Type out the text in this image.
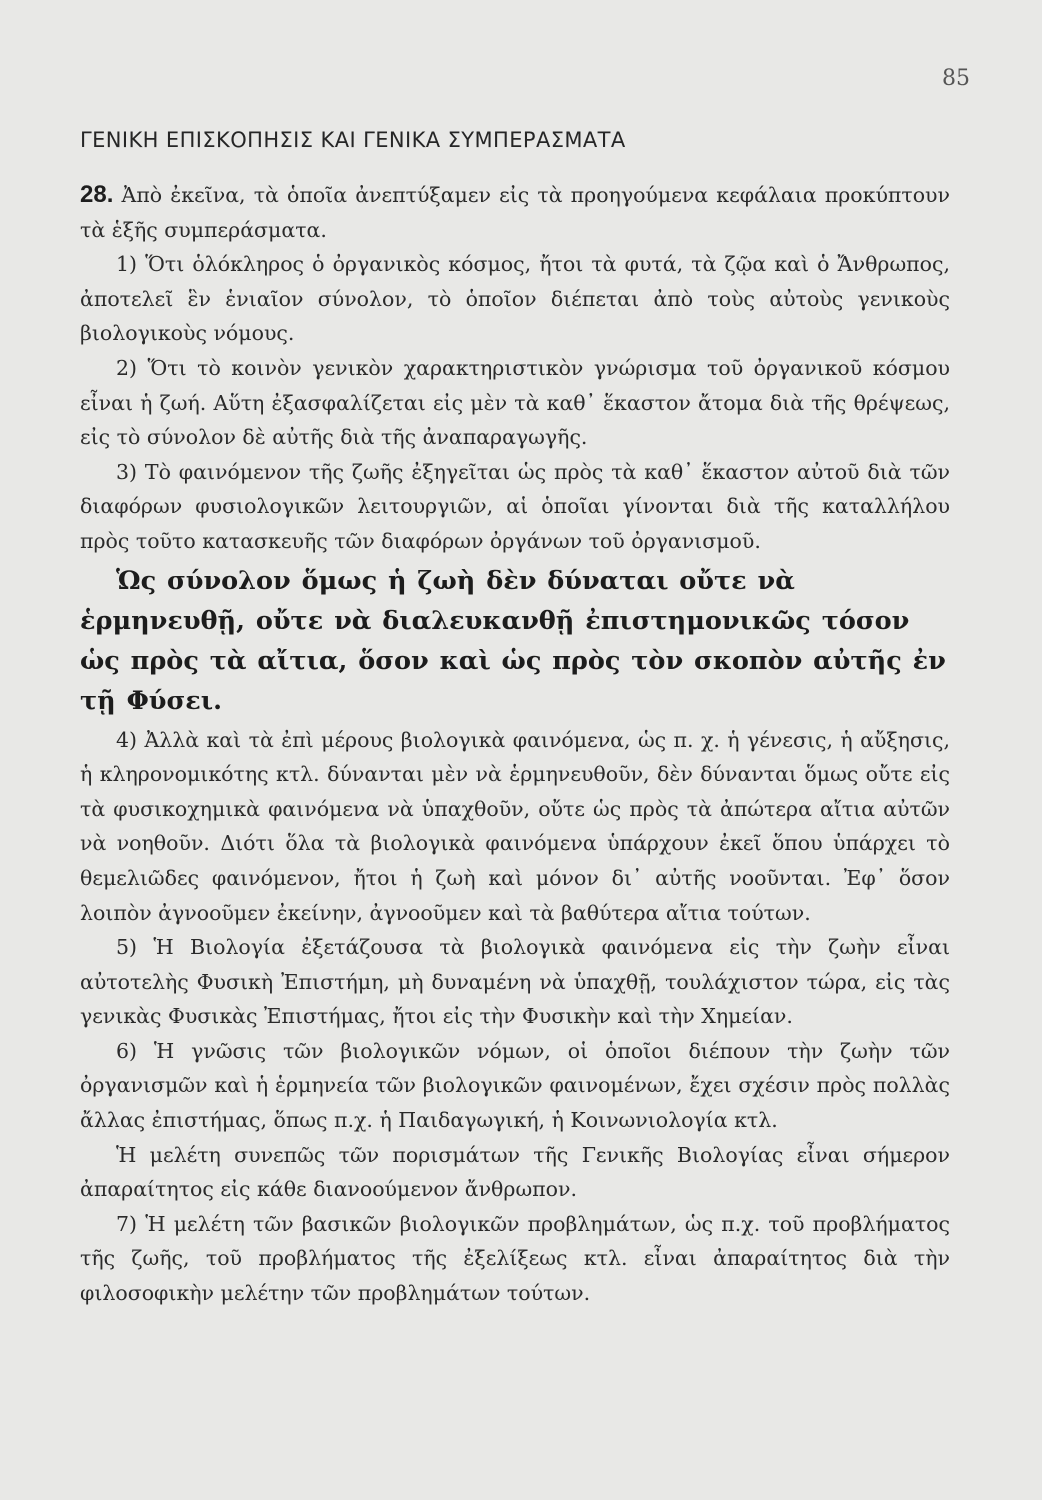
85
ΓΕΝΙΚΗ ΕΠΙΣΚΟΠΗΣΙΣ ΚΑΙ ΓΕΝΙΚΑ ΣΥΜΠΕΡΑΣΜΑΤΑ

28. Ἀπὸ ἐκεῖνα, τὰ ὁποῖα ἀνεπτύξαμεν εἰς τὰ προηγούμενα κεφάλαια προκύπτουν τὰ ἑξῆς συμπεράσματα.

1) Ὅτι ὁλόκληρος ὁ ὀργανικὸς κόσμος, ἤτοι τὰ φυτά, τὰ ζῷα καὶ ὁ Ἄνθρωπος, ἀποτελεῖ ἓν ἑνιαῖον σύνολον, τὸ ὁποῖον διέπεται ἀπὸ τοὺς αὐτοὺς γενικοὺς βιολογικοὺς νόμους.

2) Ὅτι τὸ κοινὸν γενικὸν χαρακτηριστικὸν γνώρισμα τοῦ ὀργανικοῦ κόσμου εἶναι ἡ ζωή. Αὕτη ἐξασφαλίζεται εἰς μὲν τὰ καθ᾽ ἕκαστον ἄτομα διὰ τῆς θρέψεως, εἰς τὸ σύνολον δὲ αὐτῆς διὰ τῆς ἀναπαραγωγῆς.

3) Τὸ φαινόμενον τῆς ζωῆς ἐξηγεῖται ὡς πρὸς τὰ καθ᾽ ἕκαστον αὐτοῦ διὰ τῶν διαφόρων φυσιολογικῶν λειτουργιῶν, αἱ ὁποῖαι γίνονται διὰ τῆς καταλλήλου πρὸς τοῦτο κατασκευῆς τῶν διαφόρων ὀργάνων τοῦ ὀργανισμοῦ.

Ὡς σύνολον ὅμως ἡ ζωὴ δὲν δύναται οὔτε νὰ ἑρμηνευθῇ, οὔτε νὰ διαλευκανθῇ ἐπιστημονικῶς τόσον ὡς πρὸς τὰ αἴτια, ὅσον καὶ ὡς πρὸς τὸν σκοπὸν αὐτῆς ἐν τῇ Φύσει.

4) Ἀλλὰ καὶ τὰ ἐπὶ μέρους βιολογικὰ φαινόμενα, ὡς π. χ. ἡ γένεσις, ἡ αὔξησις, ἡ κληρονομικότης κτλ. δύνανται μὲν νὰ ἑρμηνευθοῦν, δὲν δύνανται ὅμως οὔτε εἰς τὰ φυσικοχημικὰ φαινόμενα νὰ ὑπαχθοῦν, οὔτε ὡς πρὸς τὰ ἀπώτερα αἴτια αὐτῶν νὰ νοηθοῦν. Διότι ὅλα τὰ βιολογικὰ φαινόμενα ὑπάρχουν ἐκεῖ ὅπου ὑπάρχει τὸ θεμελιῶδες φαινόμενον, ἤτοι ἡ ζωὴ καὶ μόνον δι᾽ αὐτῆς νοοῦνται. Ἐφ᾽ ὅσον λοιπὸν ἀγνοοῦμεν ἐκείνην, ἀγνοοῦμεν καὶ τὰ βαθύτερα αἴτια τούτων.

5) Ἡ Βιολογία ἐξετάζουσα τὰ βιολογικὰ φαινόμενα εἰς τὴν ζωὴν εἶναι αὐτοτελὴς Φυσικὴ Ἐπιστήμη, μὴ δυναμένη νὰ ὑπαχθῇ, τουλάχιστον τώρα, εἰς τὰς γενικὰς Φυσικὰς Ἐπιστήμας, ἤτοι εἰς τὴν Φυσικὴν καὶ τὴν Χημείαν.

6) Ἡ γνῶσις τῶν βιολογικῶν νόμων, οἱ ὁποῖοι διέπουν τὴν ζωὴν τῶν ὀργανισμῶν καὶ ἡ ἑρμηνεία τῶν βιολογικῶν φαινομένων, ἔχει σχέσιν πρὸς πολλὰς ἄλλας ἐπιστήμας, ὅπως π.χ. ἡ Παιδαγωγική, ἡ Κοινωνιολογία κτλ.

Ἡ μελέτη συνεπῶς τῶν πορισμάτων τῆς Γενικῆς Βιολογίας εἶναι σήμερον ἀπαραίτητος εἰς κάθε διανοούμενον ἄνθρωπον.

7) Ἡ μελέτη τῶν βασικῶν βιολογικῶν προβλημάτων, ὡς π.χ. τοῦ προβλήματος τῆς ζωῆς, τοῦ προβλήματος τῆς ἐξελίξεως κτλ. εἶναι ἀπαραίτητος διὰ τὴν φιλοσοφικὴν μελέτην τῶν προβλημάτων τούτων.
